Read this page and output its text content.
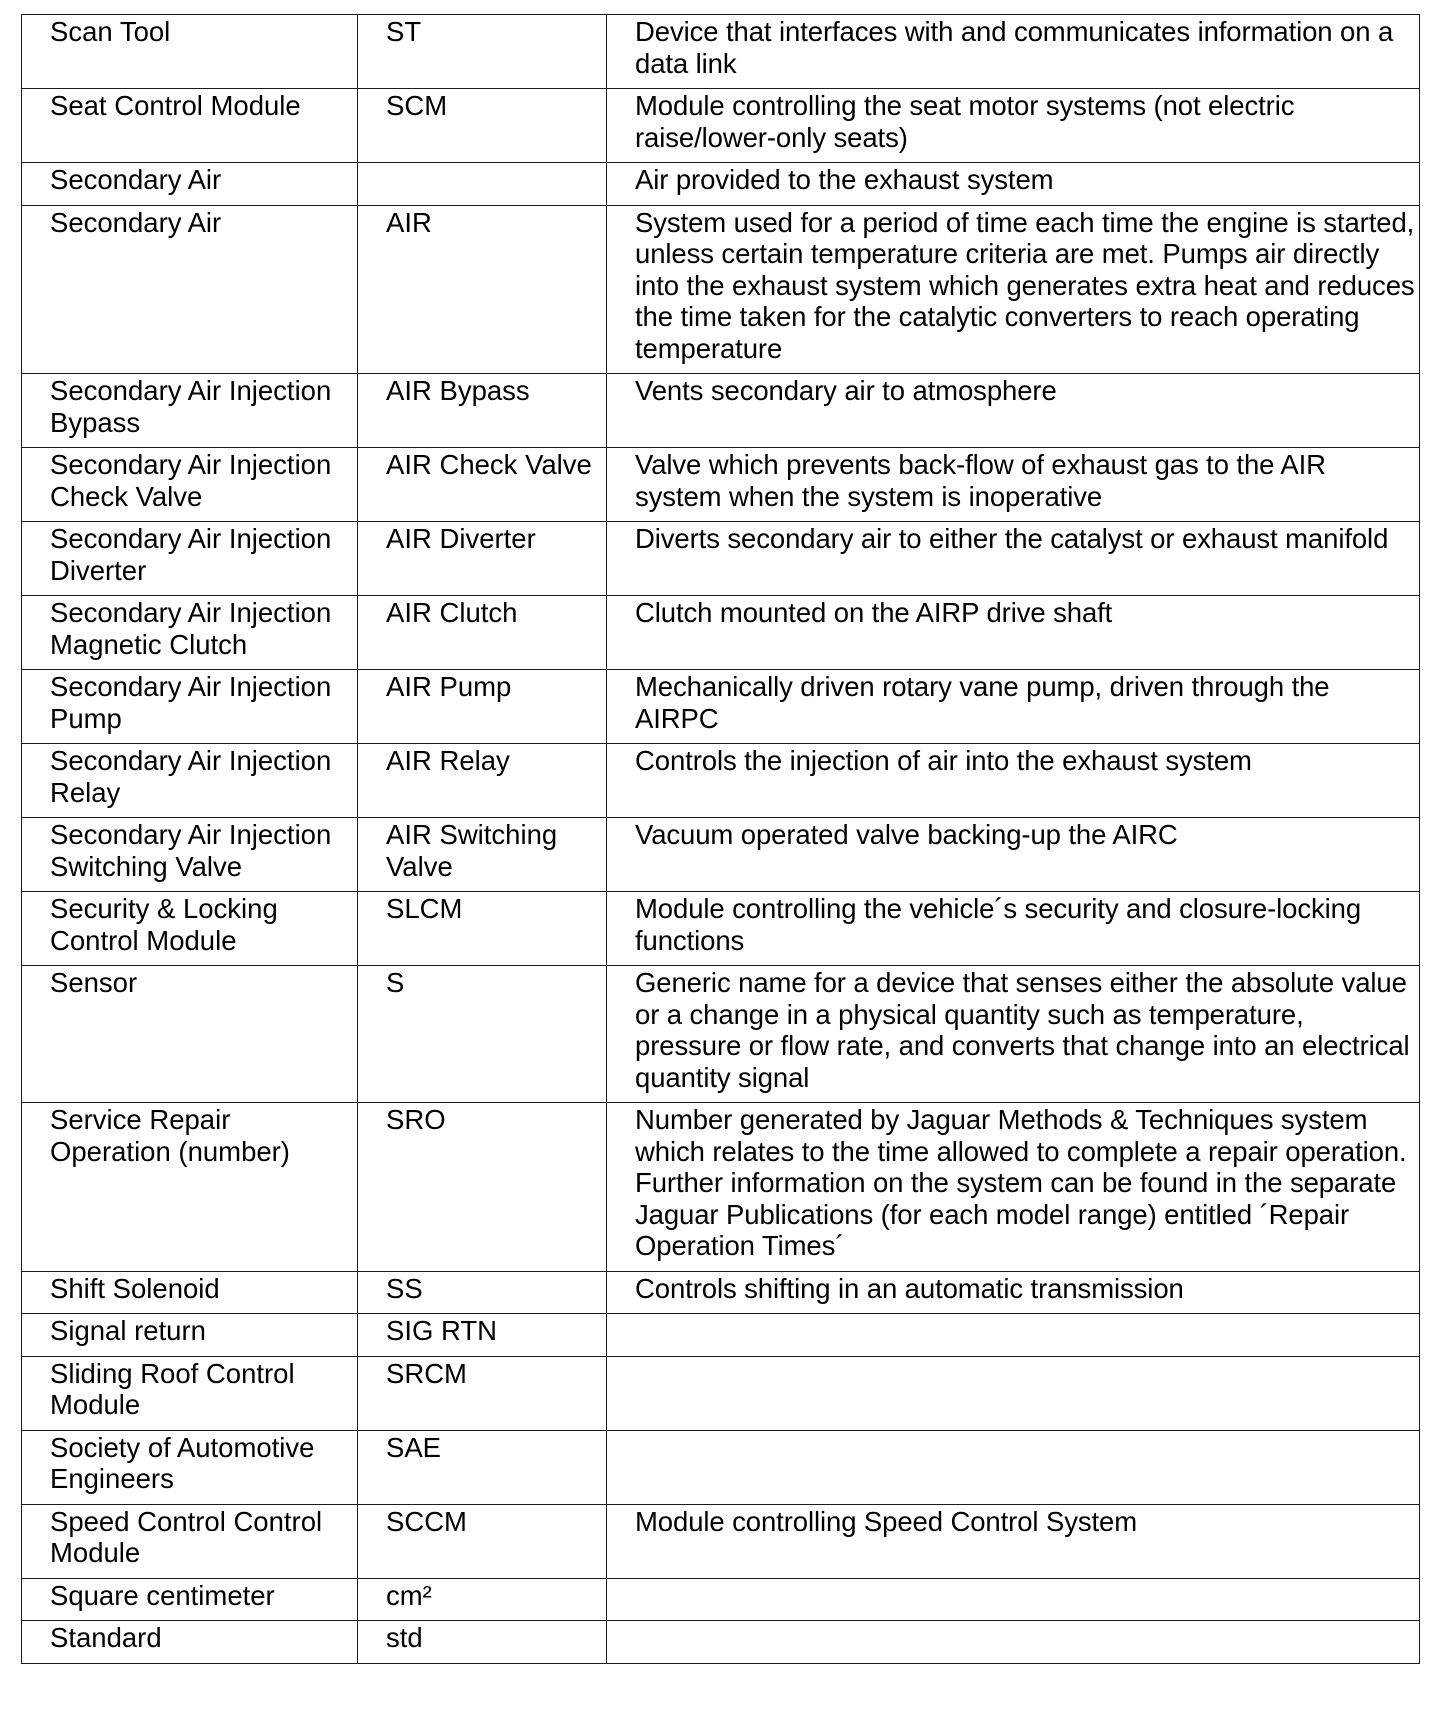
Scan Tool	ST	Device that interfaces with and communicates information on a data link
Seat Control Module	SCM	Module controlling the seat motor systems (not electric raise/lower-only seats)
Secondary Air		Air provided to the exhaust system
Secondary Air	AIR	System used for a period of time each time the engine is started, unless certain temperature criteria are met. Pumps air directly into the exhaust system which generates extra heat and reduces the time taken for the catalytic converters to reach operating temperature
Secondary Air Injection Bypass	AIR Bypass	Vents secondary air to atmosphere
Secondary Air Injection Check Valve	AIR Check Valve	Valve which prevents back-flow of exhaust gas to the AIR system when the system is inoperative
Secondary Air Injection Diverter	AIR Diverter	Diverts secondary air to either the catalyst or exhaust manifold
Secondary Air Injection Magnetic Clutch	AIR Clutch	Clutch mounted on the AIRP drive shaft
Secondary Air Injection Pump	AIR Pump	Mechanically driven rotary vane pump, driven through the AIRPC
Secondary Air Injection Relay	AIR Relay	Controls the injection of air into the exhaust system
Secondary Air Injection Switching Valve	AIR Switching Valve	Vacuum operated valve backing-up the AIRC
Security & Locking Control Module	SLCM	Module controlling the vehicle´s security and closure-locking functions
Sensor	S	Generic name for a device that senses either the absolute value or a change in a physical quantity such as temperature, pressure or flow rate, and converts that change into an electrical quantity signal
Service Repair Operation (number)	SRO	Number generated by Jaguar Methods & Techniques system which relates to the time allowed to complete a repair operation. Further information on the system can be found in the separate Jaguar Publications (for each model range) entitled ´Repair Operation Times´
Shift Solenoid	SS	Controls shifting in an automatic transmission
Signal return	SIG RTN	
Sliding Roof Control Module	SRCM	
Society of Automotive Engineers	SAE	
Speed Control Control Module	SCCM	Module controlling Speed Control System
Square centimeter	cm²	
Standard	std	
